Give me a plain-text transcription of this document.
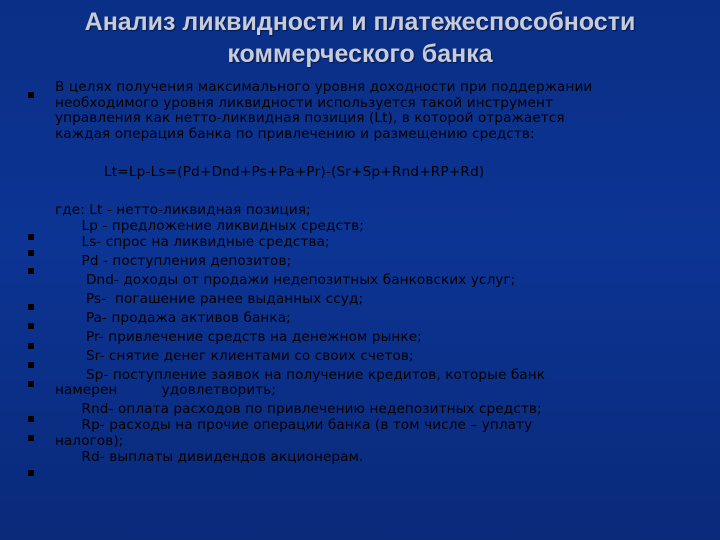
Анализ ликвидности и платежеспособности
коммерческого банка
В целях получения максимального уровня доходности при поддержании
необходимого уровня ликвидности используется такой инструмент
управления как нетто-ликвидная позиция (Lt), в которой отражается
каждая операция банка по привлечению и размещению средств:
Lt=Lp-Ls=(Pd+Dnd+Ps+Pa+Pr)-(Sr+Sp+Rnd+RP+Rd)
где: Lt - нетто-ликвидная позиция;
Lp - предложение ликвидных средств;
Ls- спрос на ликвидные средства;
Pd - поступления депозитов;
Dnd- доходы от продажи недепозитных банковских услуг;
Ps-  погашение ранее выданных ссуд;
Pa- продажа активов банка;
Pr- привлечение средств на денежном рынке;
Sr- снятие денег клиентами со своих счетов;
Sp- поступление заявок на получение кредитов, которые банк
намерен          удовлетворить;
Rnd- оплата расходов по привлечению недепозитных средств;
Rp- расходы на прочие операции банка (в том числе – уплату
налогов);
Rd- выплаты дивидендов акционерам.
